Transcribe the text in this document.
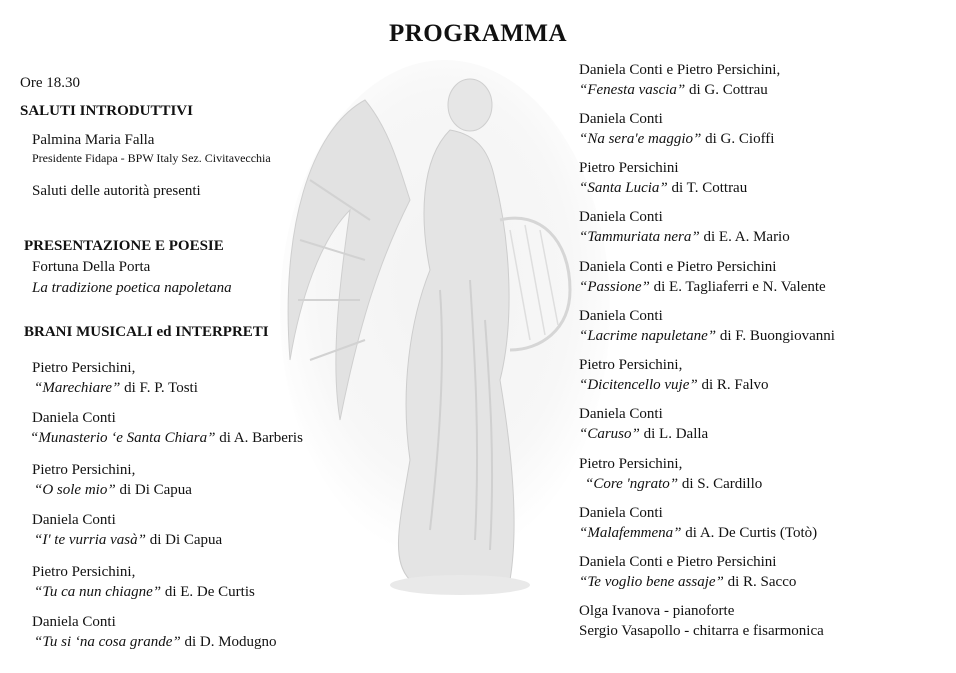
PROGRAMMA
Ore 18.30
SALUTI INTRODUTTIVI
Palmina Maria Falla
Presidente Fidapa - BPW Italy Sez. Civitavecchia
Saluti delle autorità presenti
PRESENTAZIONE E POESIE
Fortuna Della Porta
La tradizione poetica napoletana
BRANI MUSICALI ed INTERPRETI
Pietro Persichini,
“Marechiare” di F. P. Tosti
Daniela Conti
“Munasterio ‘e Santa Chiara” di A. Barberis
Pietro Persichini,
“O sole mio” di Di Capua
Daniela Conti
“I' te vurria vasà” di Di Capua
Pietro Persichini,
“Tu ca nun chiagne” di E. De Curtis
Daniela Conti
“Tu si ‘na cosa grande” di D. Modugno
Daniela Conti e Pietro Persichini,
“Fenesta vascia” di G. Cottrau
Daniela Conti
“Na sera'e maggio” di G. Cioffi
Pietro Persichini
“Santa Lucia” di T. Cottrau
Daniela Conti
“Tammuriata nera” di E. A. Mario
Daniela Conti e Pietro Persichini
“Passione” di E. Tagliaferri e N. Valente
Daniela Conti
“Lacrime napuletane” di F. Buongiovanni
Pietro Persichini,
“Dicitencello vuje” di R. Falvo
Daniela Conti
“Caruso” di L. Dalla
Pietro Persichini,
“Core 'ngrato” di S. Cardillo
Daniela Conti
“Malafemmena” di A. De Curtis (Totò)
Daniela Conti e Pietro Persichini
“Te voglio bene assaje” di R. Sacco
Olga Ivanova - pianoforte
Sergio Vasapollo - chitarra e fisarmonica
